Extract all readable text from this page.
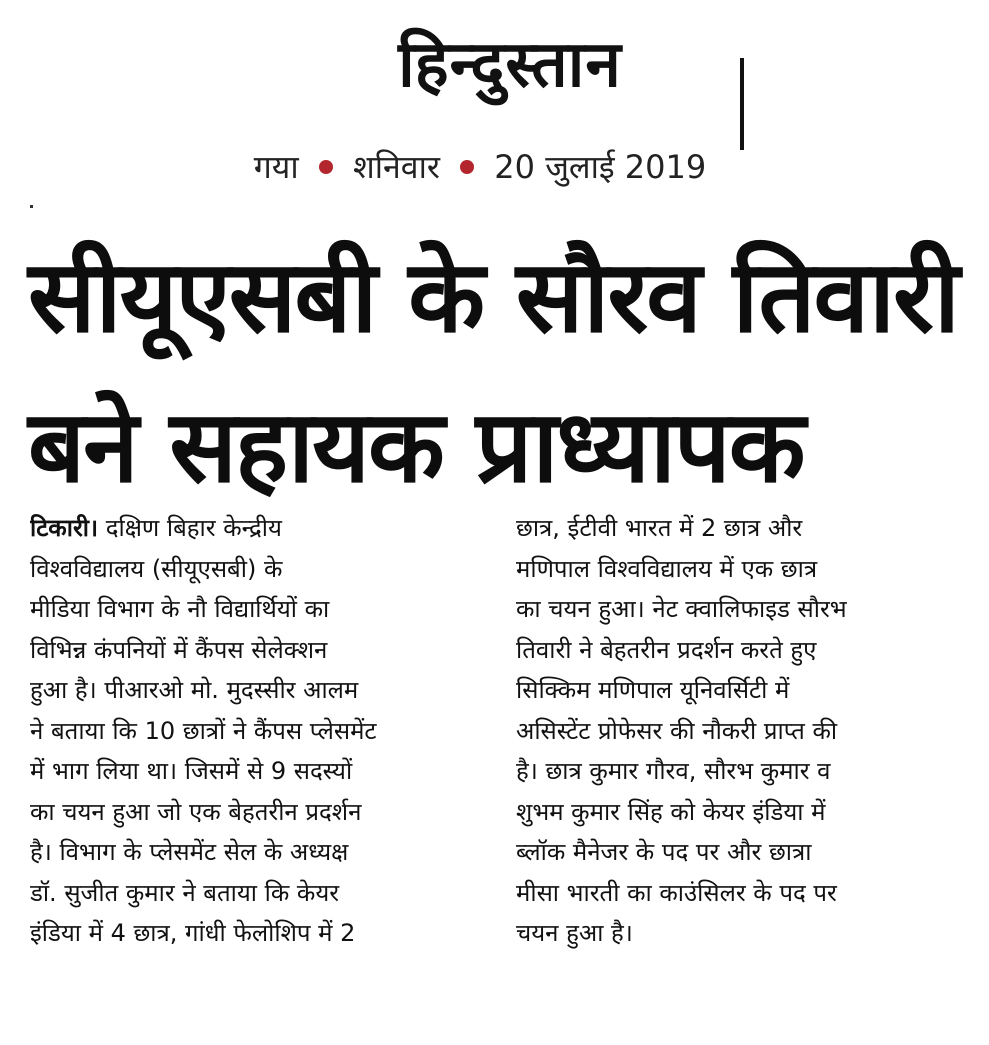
हिन्दुस्तान
गया शनिवार 20 जुलाई 2019
सीयूएसबी के सौरव तिवारी
बने सहायक प्राध्यापक
टिकारी। दक्षिण बिहार केन्द्रीय
विश्वविद्यालय (सीयूएसबी) के
मीडिया विभाग के नौ विद्यार्थियों का
विभिन्न कंपनियों में कैंपस सेलेक्शन
हुआ है। पीआरओ मो. मुदस्सीर आलम
ने बताया कि 10 छात्रों ने कैंपस प्लेसमेंट
में भाग लिया था। जिसमें से 9 सदस्यों
का चयन हुआ जो एक बेहतरीन प्रदर्शन
है। विभाग के प्लेसमेंट सेल के अध्यक्ष
डॉ. सुजीत कुमार ने बताया कि केयर
इंडिया में 4 छात्र, गांधी फेलोशिप में 2
छात्र, ईटीवी भारत में 2 छात्र और
मणिपाल विश्वविद्यालय में एक छात्र
का चयन हुआ। नेट क्वालिफाइड सौरभ
तिवारी ने बेहतरीन प्रदर्शन करते हुए
सिक्किम मणिपाल यूनिवर्सिटी में
असिस्टेंट प्रोफेसर की नौकरी प्राप्त की
है। छात्र कुमार गौरव, सौरभ कुमार व
शुभम कुमार सिंह को केयर इंडिया में
ब्लॉक मैनेजर के पद पर और छात्रा
मीसा भारती का काउंसिलर के पद पर
चयन हुआ है।
